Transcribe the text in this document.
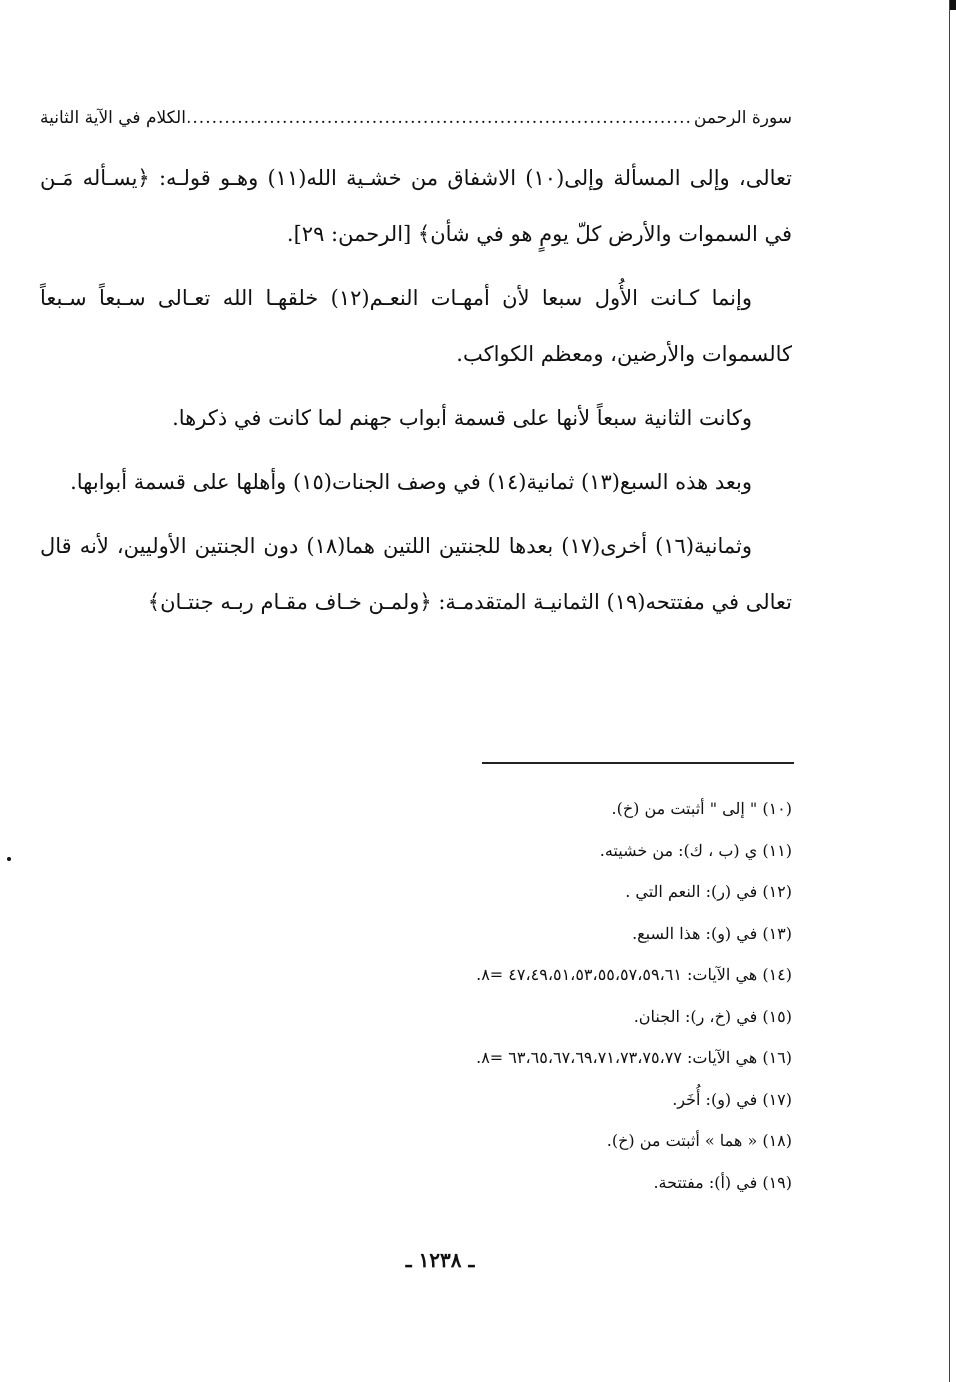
سورة الرحمن
.....
الكلام في الآية الثانية

تعالى، وإلى المسألة وإلى(١٠) الاشفاق من خشـية الله(١١) وهـو قولـه: ﴿يسـأله مَـن في السموات والأرض كلّ يومٍ هو في شأن﴾ [الرحمن: ٢٩].

وإنما كـانت الأُول سبعا لأن أمهـات النعـم(١٢) خلقهـا الله تعـالى سـبعاً سـبعاً كالسموات والأرضين، ومعظم الكواكب.

وكانت الثانية سبعاً لأنها على قسمة أبواب جهنم لما كانت في ذكرها.

وبعد هذه السبع(١٣) ثمانية(١٤) في وصف الجنات(١٥) وأهلها على قسمة أبوابها.

وثمانية(١٦) أخرى(١٧) بعدها للجنتين اللتين هما(١٨) دون الجنتين الأوليين، لأنه قال تعالى في مفتتحه(١٩) الثمانيـة المتقدمـة: ﴿ولمـن خـاف مقـام ربـه جنتـان﴾

(١٠) " إلى " أثبتت من (خ).
(١١) ي (ب ، ك): من خشيته.
(١٢) في (ر): النعم التي .
(١٣) في (و): هذا السبع.
(١٤) هي الآيات: ٤٧،٤٩،٥١،٥٣،٥٥،٥٧،٥٩،٦١ =٨.
(١٥) في (خ، ر): الجنان.
(١٦) هي الآيات: ٦٣،٦٥،٦٧،٦٩،٧١،٧٣،٧٥،٧٧ =٨.
(١٧) في (و): أُخَر.
(١٨) « هما » أثبتت من (خ).
(١٩) في (أ): مفتتحة.
ـ ١٢٣٨ ـ
